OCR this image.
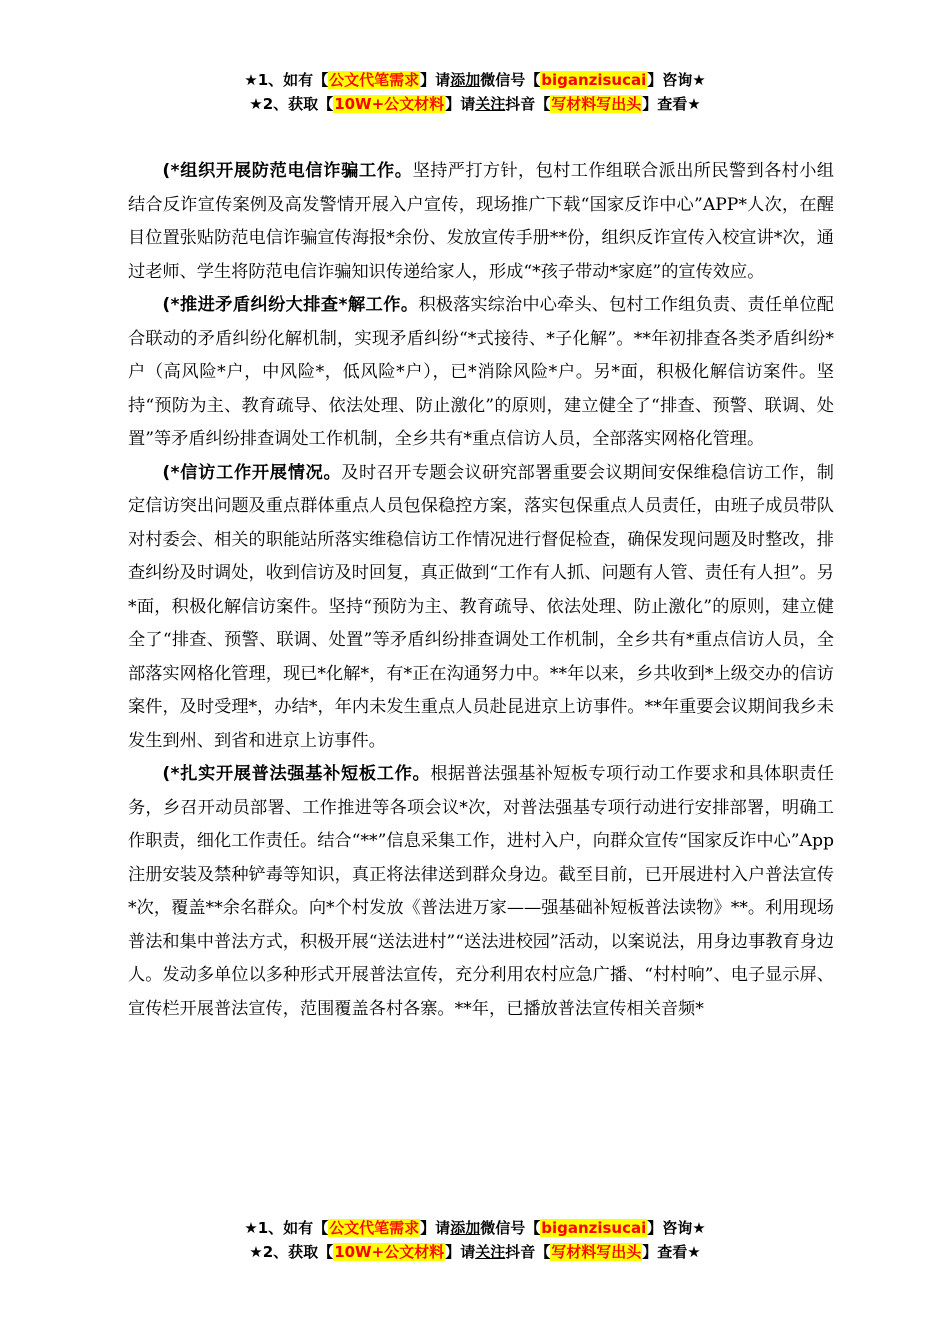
★1、如有【公文代笔需求】请添加微信号【biganzisucai】咨询★
★2、获取【10W+公文材料】请关注抖音【写材料写出头】查看★

(*组织开展防范电信诈骗工作。坚持严打方针，包村工作组联合派出所民警到各村小组结合反诈宣传案例及高发警情开展入户宣传，现场推广下载“国家反诈中心”APP*人次，在醒目位置张贴防范电信诈骗宣传海报*余份、发放宣传手册**份，组织反诈宣传入校宣讲*次，通过老师、学生将防范电信诈骗知识传递给家人，形成“*孩子带动*家庭”的宣传效应。

(*推进矛盾纠纷大排查*解工作。积极落实综治中心牵头、包村工作组负责、责任单位配合联动的矛盾纠纷化解机制，实现矛盾纠纷“*式接待、*子化解”。**年初排查各类矛盾纠纷*户（高风险*户，中风险*，低风险*户），已*消除风险*户。另*面，积极化解信访案件。坚持“预防为主、教育疏导、依法处理、防止激化”的原则，建立健全了“排查、预警、联调、处置”等矛盾纠纷排查调处工作机制，全乡共有*重点信访人员，全部落实网格化管理。

(*信访工作开展情况。及时召开专题会议研究部署重要会议期间安保维稳信访工作，制定信访突出问题及重点群体重点人员包保稳控方案，落实包保重点人员责任，由班子成员带队对村委会、相关的职能站所落实维稳信访工作情况进行督促检查，确保发现问题及时整改，排查纠纷及时调处，收到信访及时回复，真正做到“工作有人抓、问题有人管、责任有人担”。另*面，积极化解信访案件。坚持“预防为主、教育疏导、依法处理、防止激化”的原则，建立健全了“排查、预警、联调、处置”等矛盾纠纷排查调处工作机制，全乡共有*重点信访人员，全部落实网格化管理，现已*化解*，有*正在沟通努力中。**年以来，乡共收到*上级交办的信访案件，及时受理*，办结*，年内未发生重点人员赴昆进京上访事件。**年重要会议期间我乡未发生到州、到省和进京上访事件。

(*扎实开展普法强基补短板工作。根据普法强基补短板专项行动工作要求和具体职责任务，乡召开动员部署、工作推进等各项会议*次，对普法强基专项行动进行安排部署，明确工作职责，细化工作责任。结合“**”信息采集工作，进村入户，向群众宣传“国家反诈中心”App注册安装及禁种铲毒等知识，真正将法律送到群众身边。截至目前，已开展进村入户普法宣传*次，覆盖**余名群众。向*个村发放《普法进万家——强基础补短板普法读物》**。利用现场普法和集中普法方式，积极开展“送法进村”“送法进校园”活动，以案说法，用身边事教育身边人。发动多单位以多种形式开展普法宣传，充分利用农村应急广播、“村村响”、电子显示屏、宣传栏开展普法宣传，范围覆盖各村各寨。**年，已播放普法宣传相关音频*

★1、如有【公文代笔需求】请添加微信号【biganzisucai】咨询★
★2、获取【10W+公文材料】请关注抖音【写材料写出头】查看★
